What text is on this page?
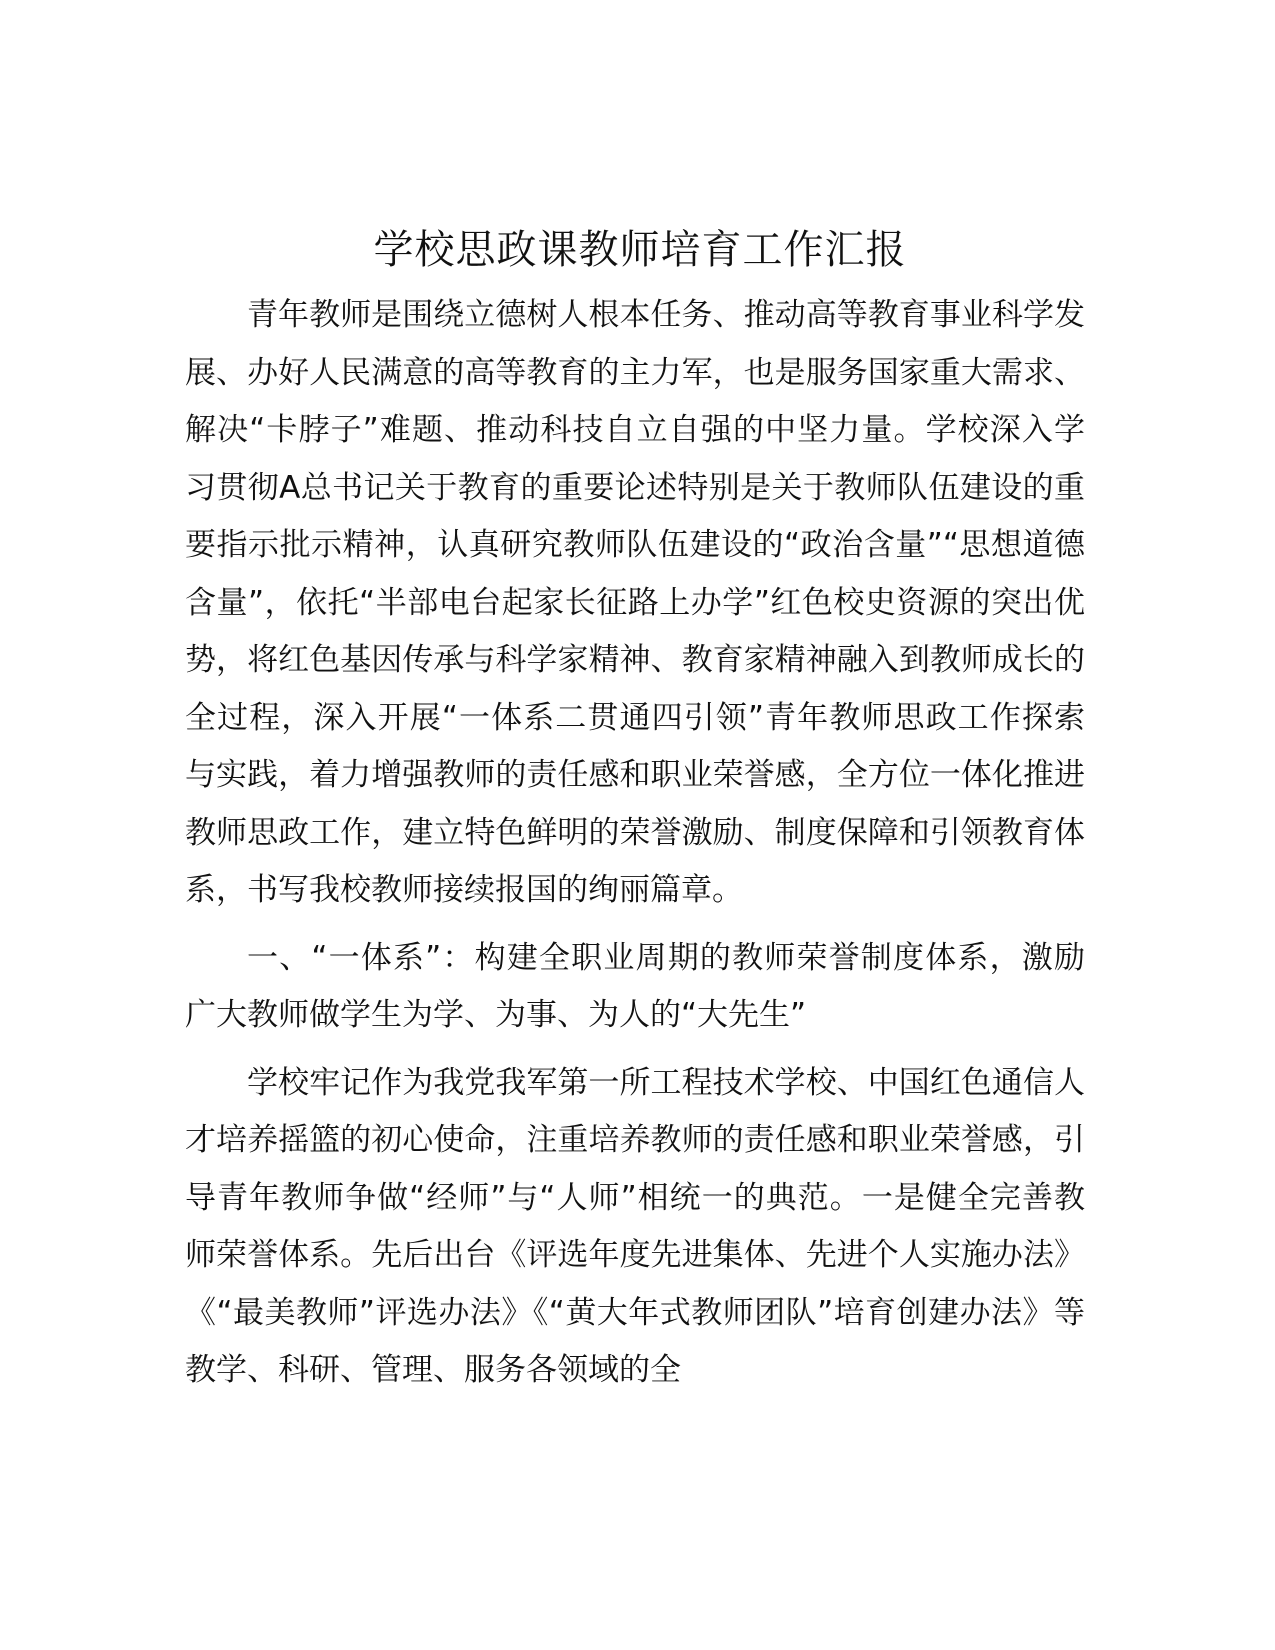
学校思政课教师培育工作汇报

青年教师是围绕立德树人根本任务、推动高等教育事业科学发展、办好人民满意的高等教育的主力军，也是服务国家重大需求、解决“卡脖子”难题、推动科技自立自强的中坚力量。学校深入学习贯彻A总书记关于教育的重要论述特别是关于教师队伍建设的重要指示批示精神，认真研究教师队伍建设的“政治含量”“思想道德含量”，依托“半部电台起家长征路上办学”红色校史资源的突出优势，将红色基因传承与科学家精神、教育家精神融入到教师成长的全过程，深入开展“一体系二贯通四引领”青年教师思政工作探索与实践，着力增强教师的责任感和职业荣誉感，全方位一体化推进教师思政工作，建立特色鲜明的荣誉激励、制度保障和引领教育体系，书写我校教师接续报国的绚丽篇章。

一、“一体系”：构建全职业周期的教师荣誉制度体系，激励广大教师做学生为学、为事、为人的“大先生”

学校牢记作为我党我军第一所工程技术学校、中国红色通信人才培养摇篮的初心使命，注重培养教师的责任感和职业荣誉感，引导青年教师争做“经师”与“人师”相统一的典范。一是健全完善教师荣誉体系。先后出台《评选年度先进集体、先进个人实施办法》《“最美教师”评选办法》《“黄大年式教师团队”培育创建办法》等教学、科研、管理、服务各领域的全
